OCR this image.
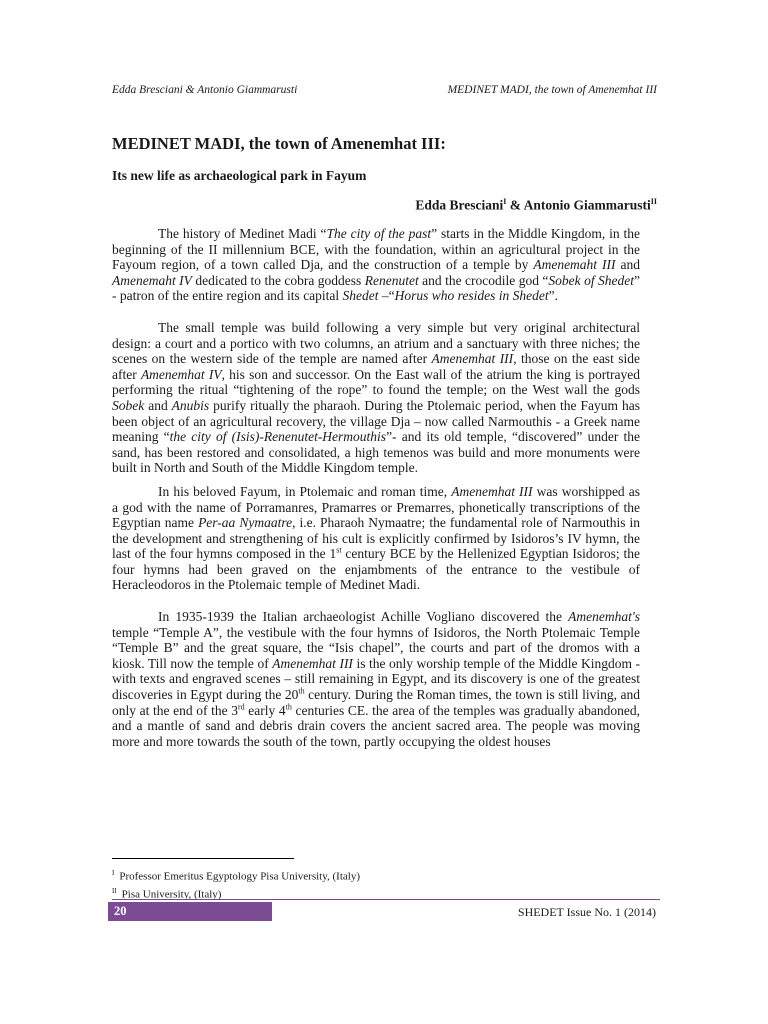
Edda Bresciani & Antonio Giammarusti	MEDINET MADI, the town of Amenemhat III
MEDINET MADI, the town of Amenemhat III:
Its new life as archaeological park in Fayum
Edda Bresciani$^I$ & Antonio Giammarusti$^{II}$

The history of Medinet Madi “The city of the past” starts in the Middle Kingdom, in the beginning of the II millennium BCE, with the foundation, within an agricultural project in the Fayoum region, of a town called Dja, and the construction of a temple by Amenemaht III and Amenemaht IV dedicated to the cobra goddess Renenutet and the crocodile god “Sobek of Shedet” - patron of the entire region and its capital Shedet –“Horus who resides in Shedet”.

The small temple was build following a very simple but very original architectural design: a court and a portico with two columns, an atrium and a sanctuary with three niches; the scenes on the western side of the temple are named after Amenemhat III, those on the east side after Amenemhat IV, his son and successor. On the East wall of the atrium the king is portrayed performing the ritual “tightening of the rope” to found the temple; on the West wall the gods Sobek and Anubis purify ritually the pharaoh. During the Ptolemaic period, when the Fayum has been object of an agricultural recovery, the village Dja – now called Narmouthis - a Greek name meaning “the city of (Isis)-Renenutet-Hermouthis”- and its old temple, “discovered” under the sand, has been restored and consolidated, a high temenos was build and more monuments were built in North and South of the Middle Kingdom temple.

In his beloved Fayum, in Ptolemaic and roman time, Amenemhat III was worshipped as a god with the name of Porramanres, Pramarres or Premarres, phonetically transcriptions of the Egyptian name Per-aa Nymaatre, i.e. Pharaoh Nymaatre; the fundamental role of Narmouthis in the development and strengthening of his cult is explicitly confirmed by Isidoros’s IV hymn, the last of the four hymns composed in the 1st century BCE by the Hellenized Egyptian Isidoros; the four hymns had been graved on the enjambments of the entrance to the vestibule of Heracleodoros in the Ptolemaic temple of Medinet Madi.

In 1935-1939 the Italian archaeologist Achille Vogliano discovered the Amenemhat's temple “Temple A”, the vestibule with the four hymns of Isidoros, the North Ptolemaic Temple “Temple B” and the great square, the “Isis chapel”, the courts and part of the dromos with a kiosk. Till now the temple of Amenemhat III is the only worship temple of the Middle Kingdom - with texts and engraved scenes – still remaining in Egypt, and its discovery is one of the greatest discoveries in Egypt during the 20th century. During the Roman times, the town is still living, and only at the end of the 3rd early 4th centuries CE. the area of the temples was gradually abandoned, and a mantle of sand and debris drain covers the ancient sacred area. The people was moving more and more towards the south of the town, partly occupying the oldest houses

$^I$ Professor Emeritus Egyptology Pisa University, (Italy)
$^{II}$ Pisa University, (Italy)
20	SHEDET Issue No. 1 (2014)
